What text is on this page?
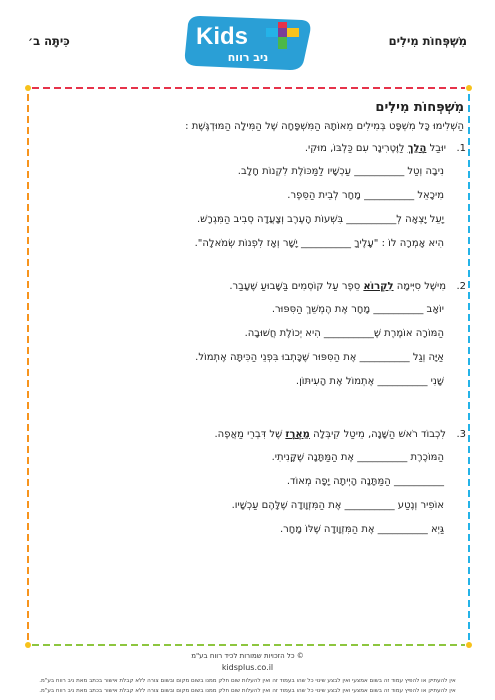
מִשְׁפְּחוֹת מִילִים
כִּיתָּה ב׳	Kids
ניב רווח
מִשְׁפְּחוֹת מִילִים
הַשְׁלִימוּ כָּל מִשְׁפָּט בְּמִילִים מֵאוֹתָהּ הַמִּשְׁפָּחָה שֶׁל הַמִּילָה הַמּוּדְגֶּשֶׁת :
1.
יוּבַל הָלַךְ לַוֶּטֶרִינָר עִם כַּלְבּוֹ, מוּקִי.
נִיבָה וְטַל __________ עַכְשָׁיו לַמַּכּוֹלֶת לִקְנוֹת חָלָב.
מִיכָאֵל __________ מָחָר לְבֵית הַסֵּפֶר.
יָעֵל יָצְאָה לְ__________ בִּשְׁעוֹת הָעֶרֶב וְצָעֲדָה סְבִיב הַמִּגְרָשׁ.
הִיא אָמְרָה לוֹ : "עָלֶיךָ __________ יָשָׁר וְאָז לִפְנוֹת שְׂמֹאלָה".
2.
מִישֶׁל סִיְּימָה לִקְרוֹא סֵפֶר עַל קוֹסְמִים בַּשָּׁבוּעַ שֶׁעָבַר.
יוֹאָב __________ מָחָר אֶת הֶמְשֵׁךְ הַסִּפּוּר.
הַמּוֹרָה אוֹמֶרֶת שֶׁ__________ הִיא יְכוֹלֶת חֲשׁוּבָה.
אַיָּה וְגַל __________ אֶת הַסִּפּוּר שֶׁכָּתְבוּ בִּפְנֵי הַכִּיתָּה אֶתְמוֹל.
שָׁנִי __________ אֶתְמוֹל אֶת הָעִיתּוֹן.
3.
לִכְבוֹד רֹאשׁ הַשָּׁנָה, מֵיטַל קִיבְּלָה מַאֲרָז שֶׁל דִּבְרֵי מַאֲפֶה.
הַמּוֹכֶרֶת __________ אֶת הַמַּתָּנָה שֶׁקָּנִיתִי.
__________ הַמַּתָּנָה הָיְיתָה יָפָה מְאוֹד.
אוֹפִיר וְנֶטַע __________ אֶת הַמִּזְוָודָה שֶׁלָּהֶם עַכְשָׁיו.
גַּיְא __________ אֶת הַמִּזְוָודָה שֶׁלּוֹ מָחָר.
© כל הזכויות שמורות לכיד רווח בע"מ
kidsplus.co.il
אין להעתיק או להפיץ עמוד זה בשום אמצעי ואין לבצע שינוי כל שהו בעמוד זה ואין להעלות שום חלק ממנו בשום מקום ובשום צורה ללא קבלת אישור בכתב מאת ניב רווח בע"מ.
אין להעתיק או להפיץ עמוד זה בשום אמצעי ואין לבצע שינוי כל שהו בעמוד זה ואין להעלות שום חלק ממנו בשום מקום ובשום צורה ללא קבלת אישור בכתב מאת ניב רווח בע"מ.
